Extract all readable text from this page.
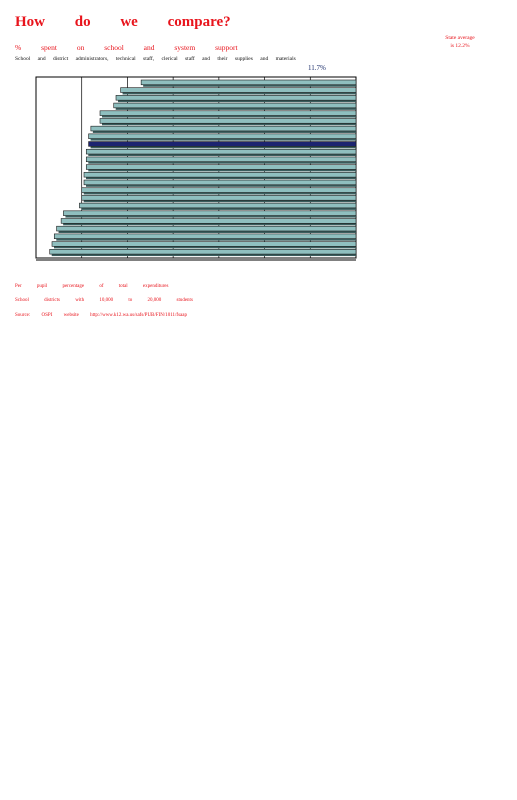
How do we compare?
% spent on school and system support
School and district administrators, technical staff, clerical staff and their supplies and materials
State average
is 12.2%
11.7%
Per pupil percentage of total expenditures
School districts with 10,000 to 20,000 students
Source: OSPI website http://www.k12.wa.us/safs/PUB/FIN/1011/fsaap
